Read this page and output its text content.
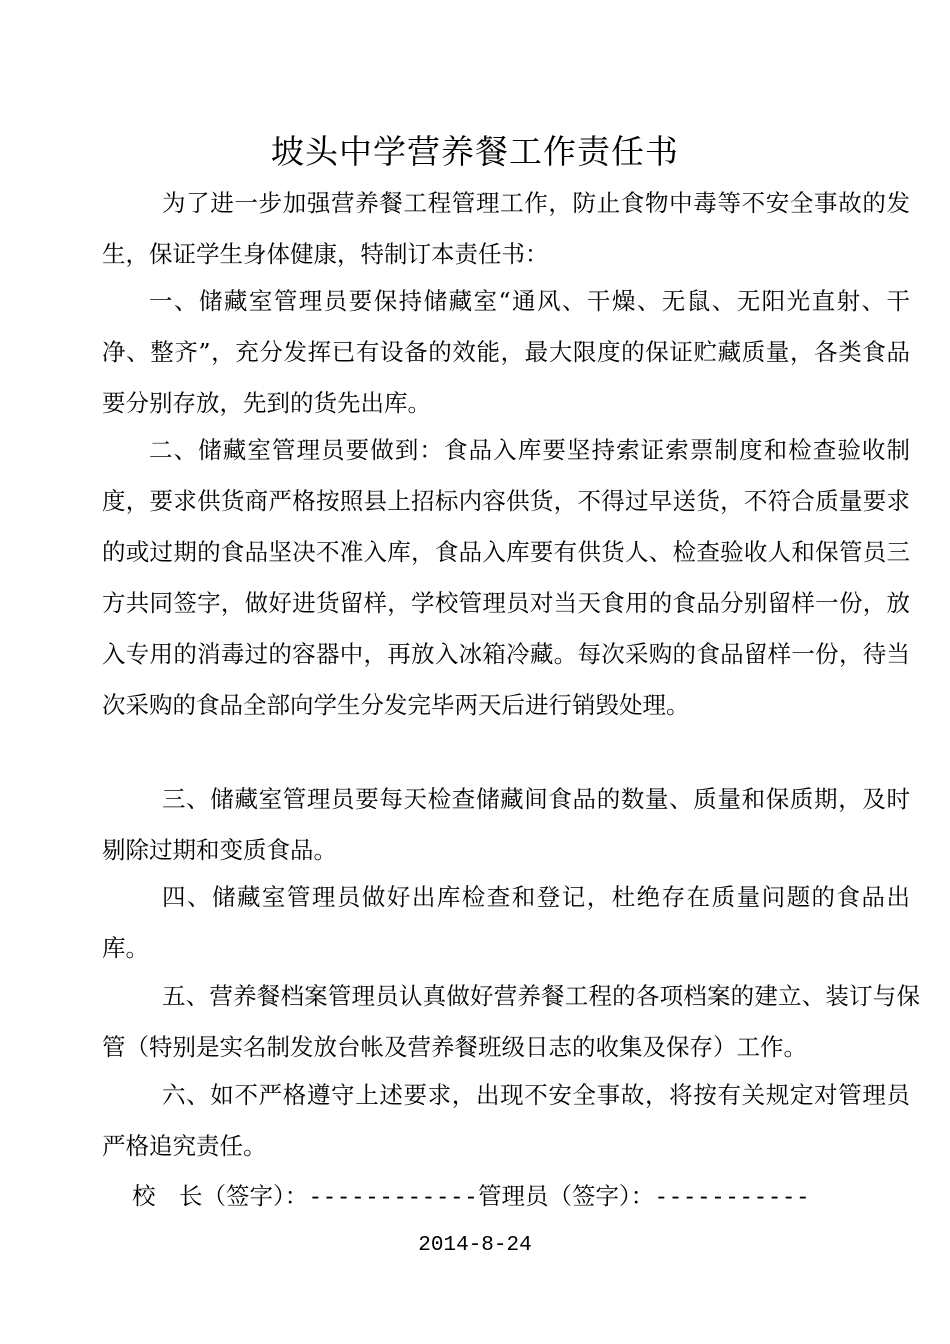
坡头中学营养餐工作责任书

为了进一步加强营养餐工程管理工作，防止食物中毒等不安全事故的发生，保证学生身体健康，特制订本责任书：

一、储藏室管理员要保持储藏室“通风、干燥、无鼠、无阳光直射、干净、整齐”，充分发挥已有设备的效能，最大限度的保证贮藏质量，各类食品要分别存放，先到的货先出库。

二、储藏室管理员要做到：食品入库要坚持索证索票制度和检查验收制度，要求供货商严格按照县上招标内容供货，不得过早送货，不符合质量要求的或过期的食品坚决不准入库，食品入库要有供货人、检查验收人和保管员三方共同签字，做好进货留样，学校管理员对当天食用的食品分别留样一份，放入专用的消毒过的容器中，再放入冰箱冷藏。每次采购的食品留样一份，待当次采购的食品全部向学生分发完毕两天后进行销毁处理。

三、储藏室管理员要每天检查储藏间食品的数量、质量和保质期，及时剔除过期和变质食品。

四、储藏室管理员做好出库检查和登记，杜绝存在质量问题的食品出库。

五、营养餐档案管理员认真做好营养餐工程的各项档案的建立、装订与保管（特别是实名制发放台帐及营养餐班级日志的收集及保存）工作。

六、如不严格遵守上述要求，出现不安全事故，将按有关规定对管理员严格追究责任。

校　长（签字）：------------管理员（签字）：-----------
2014-8-24
